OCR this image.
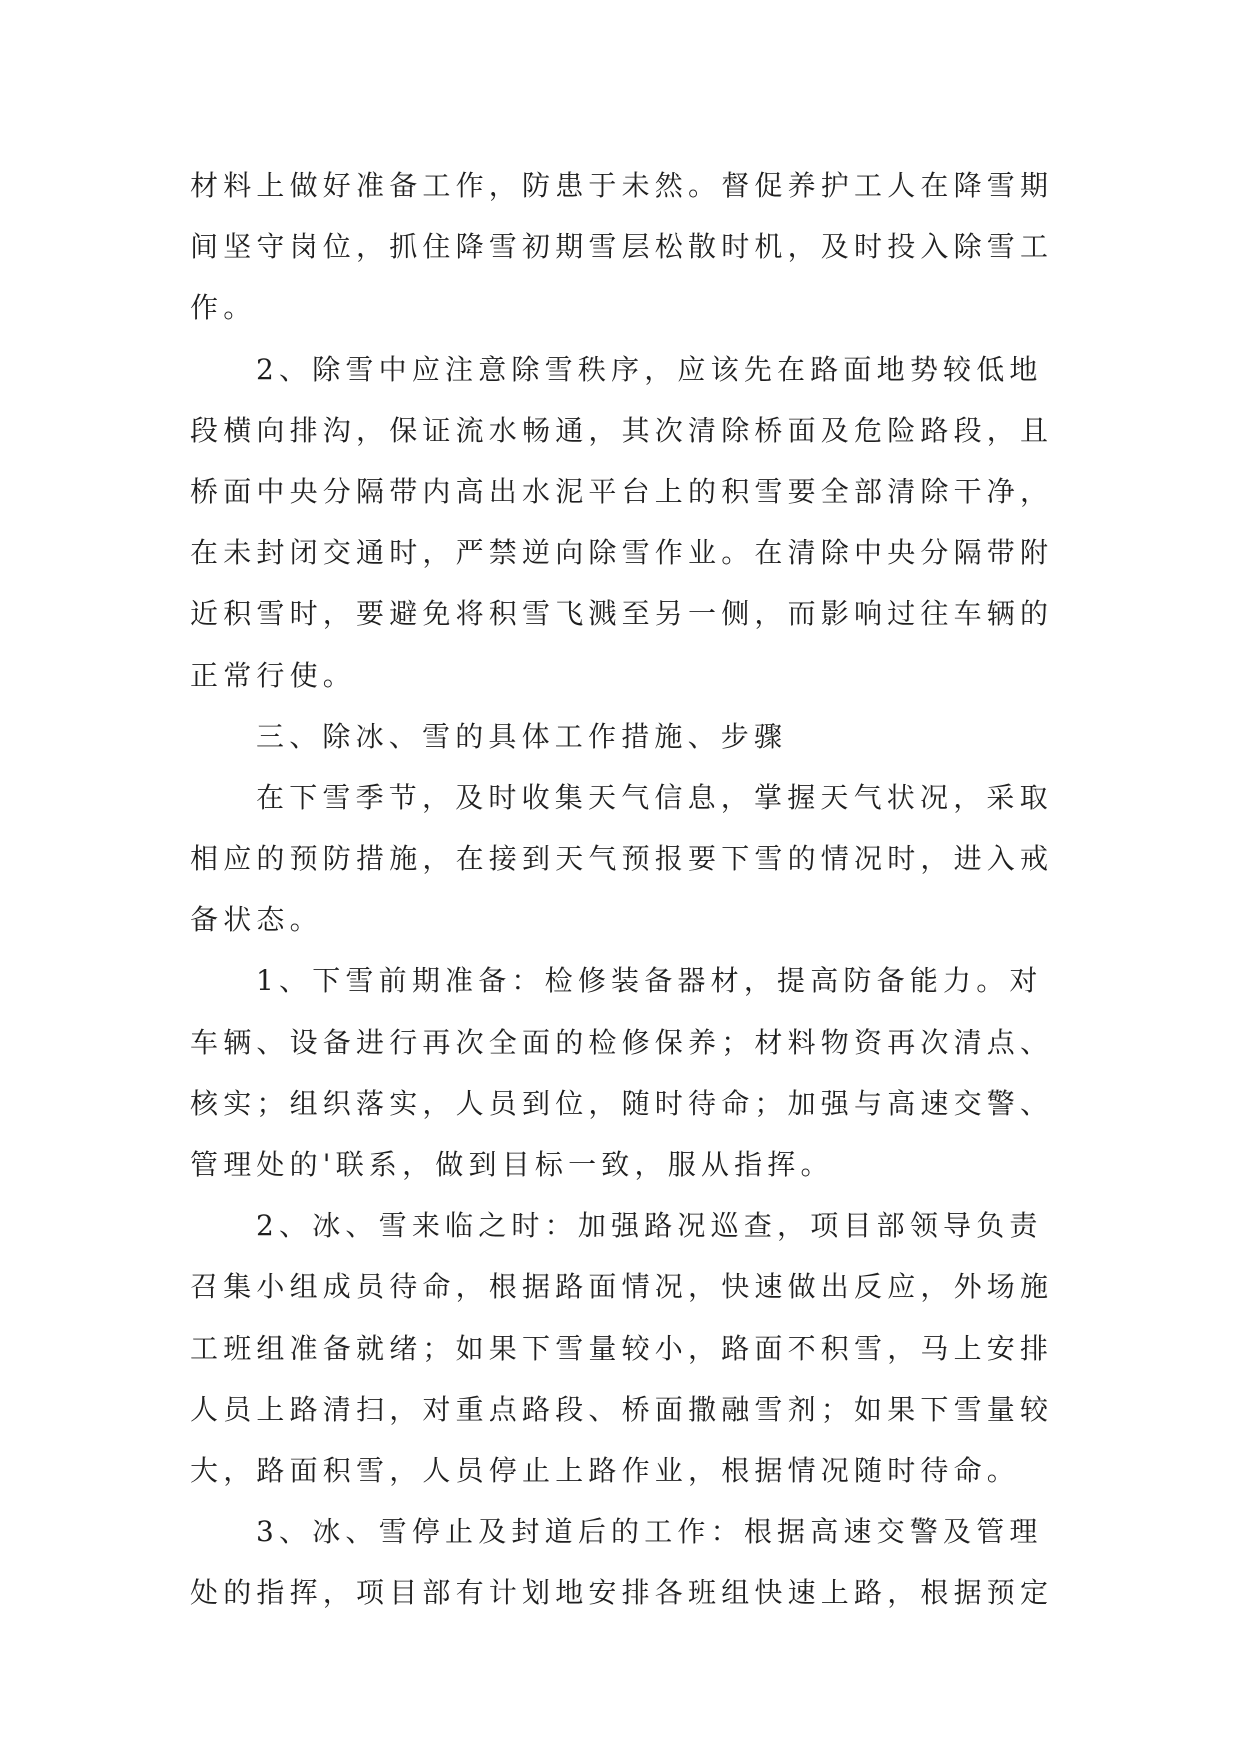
材料上做好准备工作，防患于未然。督促养护工人在降雪期
间坚守岗位，抓住降雪初期雪层松散时机，及时投入除雪工
作。
2、除雪中应注意除雪秩序，应该先在路面地势较低地
段横向排沟，保证流水畅通，其次清除桥面及危险路段，且
桥面中央分隔带内高出水泥平台上的积雪要全部清除干净，
在未封闭交通时，严禁逆向除雪作业。在清除中央分隔带附
近积雪时，要避免将积雪飞溅至另一侧，而影响过往车辆的
正常行使。
三、除冰、雪的具体工作措施、步骤
在下雪季节，及时收集天气信息，掌握天气状况，采取
相应的预防措施，在接到天气预报要下雪的情况时，进入戒
备状态。
1、下雪前期准备：检修装备器材，提高防备能力。对
车辆、设备进行再次全面的检修保养；材料物资再次清点、
核实；组织落实，人员到位，随时待命；加强与高速交警、
管理处的'联系，做到目标一致，服从指挥。
2、冰、雪来临之时：加强路况巡查，项目部领导负责
召集小组成员待命，根据路面情况，快速做出反应，外场施
工班组准备就绪；如果下雪量较小，路面不积雪，马上安排
人员上路清扫，对重点路段、桥面撒融雪剂；如果下雪量较
大，路面积雪，人员停止上路作业，根据情况随时待命。
3、冰、雪停止及封道后的工作：根据高速交警及管理
处的指挥，项目部有计划地安排各班组快速上路，根据预定
